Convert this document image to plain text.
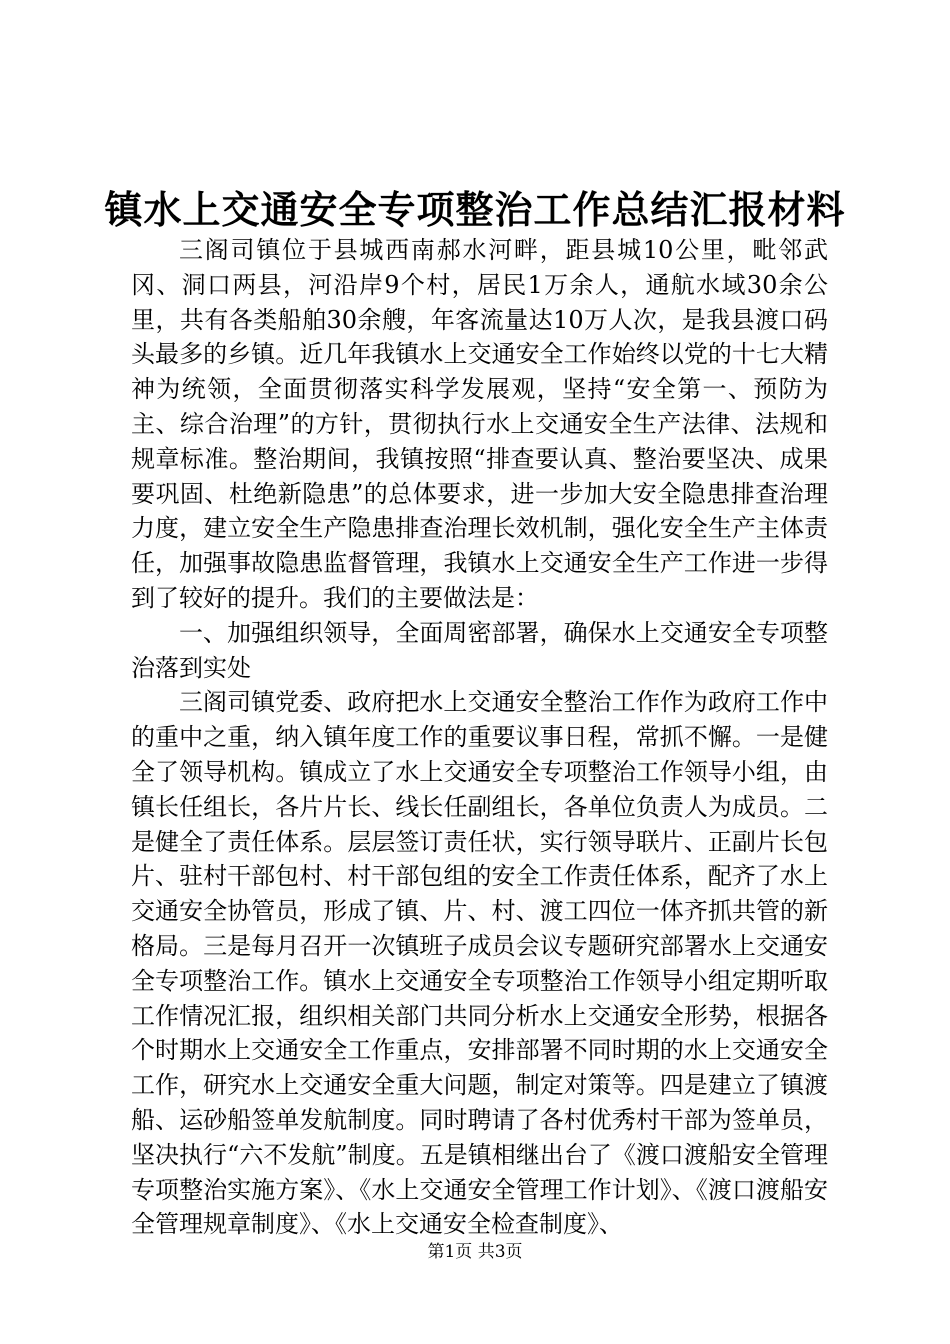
镇水上交通安全专项整治工作总结汇报材料

三阁司镇位于县城西南郝水河畔，距县城10公里，毗邻武冈、洞口两县，河沿岸9个村，居民1万余人，通航水域30余公里，共有各类船舶30余艘，年客流量达10万人次，是我县渡口码头最多的乡镇。近几年我镇水上交通安全工作始终以党的十七大精神为统领，全面贯彻落实科学发展观，坚持“安全第一、预防为主、综合治理”的方针，贯彻执行水上交通安全生产法律、法规和规章标准。整治期间，我镇按照“排查要认真、整治要坚决、成果要巩固、杜绝新隐患”的总体要求，进一步加大安全隐患排查治理力度，建立安全生产隐患排查治理长效机制，强化安全生产主体责任，加强事故隐患监督管理，我镇水上交通安全生产工作进一步得到了较好的提升。我们的主要做法是：

一、加强组织领导，全面周密部署，确保水上交通安全专项整治落到实处

三阁司镇党委、政府把水上交通安全整治工作作为政府工作中的重中之重，纳入镇年度工作的重要议事日程，常抓不懈。一是健全了领导机构。镇成立了水上交通安全专项整治工作领导小组，由镇长任组长，各片片长、线长任副组长，各单位负责人为成员。二是健全了责任体系。层层签订责任状，实行领导联片、正副片长包片、驻村干部包村、村干部包组的安全工作责任体系，配齐了水上交通安全协管员，形成了镇、片、村、渡工四位一体齐抓共管的新格局。三是每月召开一次镇班子成员会议专题研究部署水上交通安全专项整治工作。镇水上交通安全专项整治工作领导小组定期听取工作情况汇报，组织相关部门共同分析水上交通安全形势，根据各个时期水上交通安全工作重点，安排部署不同时期的水上交通安全工作，研究水上交通安全重大问题，制定对策等。四是建立了镇渡船、运砂船签单发航制度。同时聘请了各村优秀村干部为签单员，坚决执行“六不发航”制度。五是镇相继出台了《渡口渡船安全管理专项整治实施方案》、《水上交通安全管理工作计划》、《渡口渡船安全管理规章制度》、《水上交通安全检查制度》、

第1页 共3页
